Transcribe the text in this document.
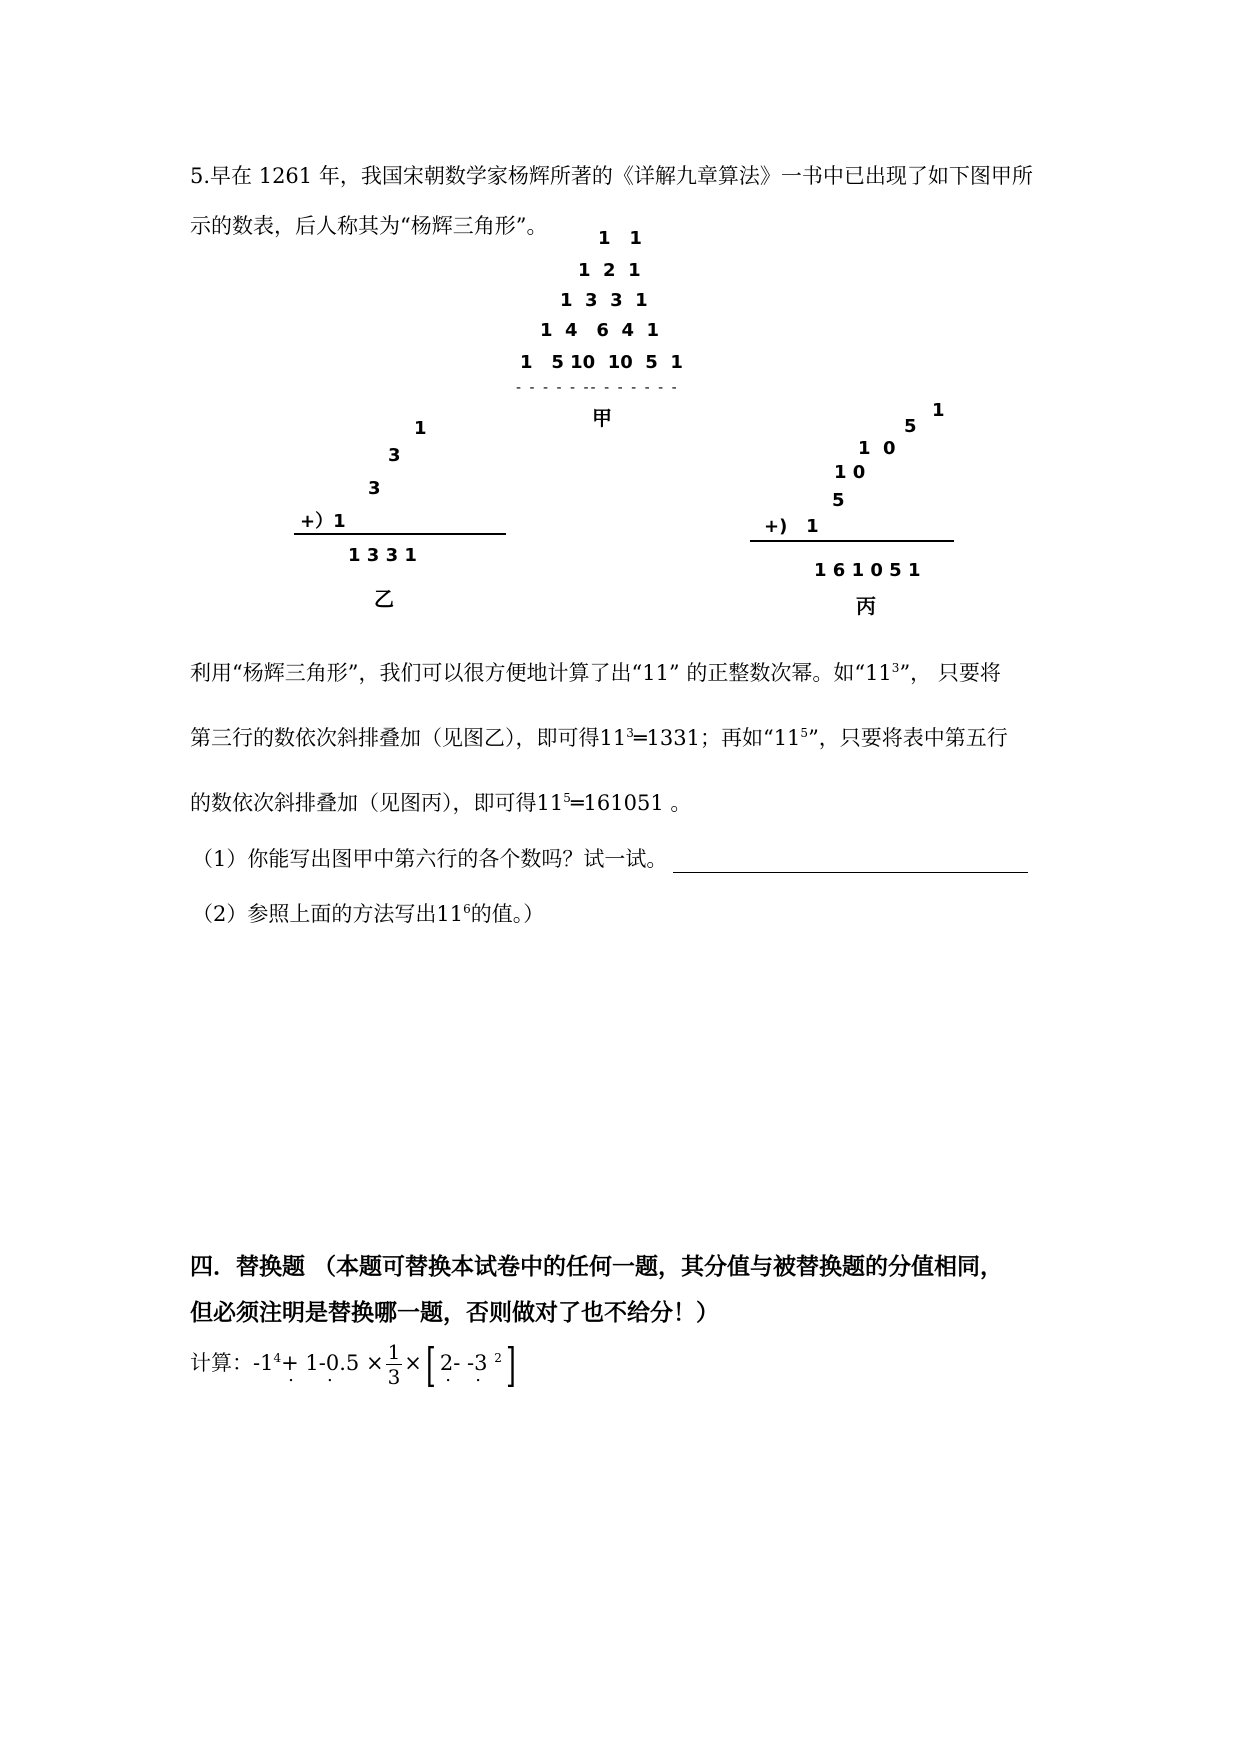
5.早在 1261 年，我国宋朝数学家杨辉所著的《详解九章算法》一书中已出现了如下图甲所
示的数表，后人称其为“杨辉三角形”。
1   1
1  2  1
1  3  3  1
1  4   6  4  1
1   5 10  10  5  1
- - - - - -- - - - - - -
甲
1
3
3
+）1
1 3 3 1
乙
1
5
1  0
1 0
5
+)   1
1 6 1 0 5 1
丙
利用“杨辉三角形”，我们可以很方便地计算了出“11” 的正整数次幂。如“$11^3$”， 只要将
第三行的数依次斜排叠加（见图乙），即可得$11^3═1331$；再如“$11^5$”，只要将表中第五行
的数依次斜排叠加（见图丙），即可得$11^5═161051$ 。
（1）你能写出图甲中第六行的各个数吗？试一试。
（2）参照上面的方法写出$11^6$的值。）
四．替换题 （本题可替换本试卷中的任何一题，其分值与被替换题的分值相同，
但必须注明是替换哪一题，否则做对了也不给分！）
计算：$-1^4+$ . 1-0.5 . × $\frac{1}{3}$ ×[ 2 .- -3 . $^2$]
